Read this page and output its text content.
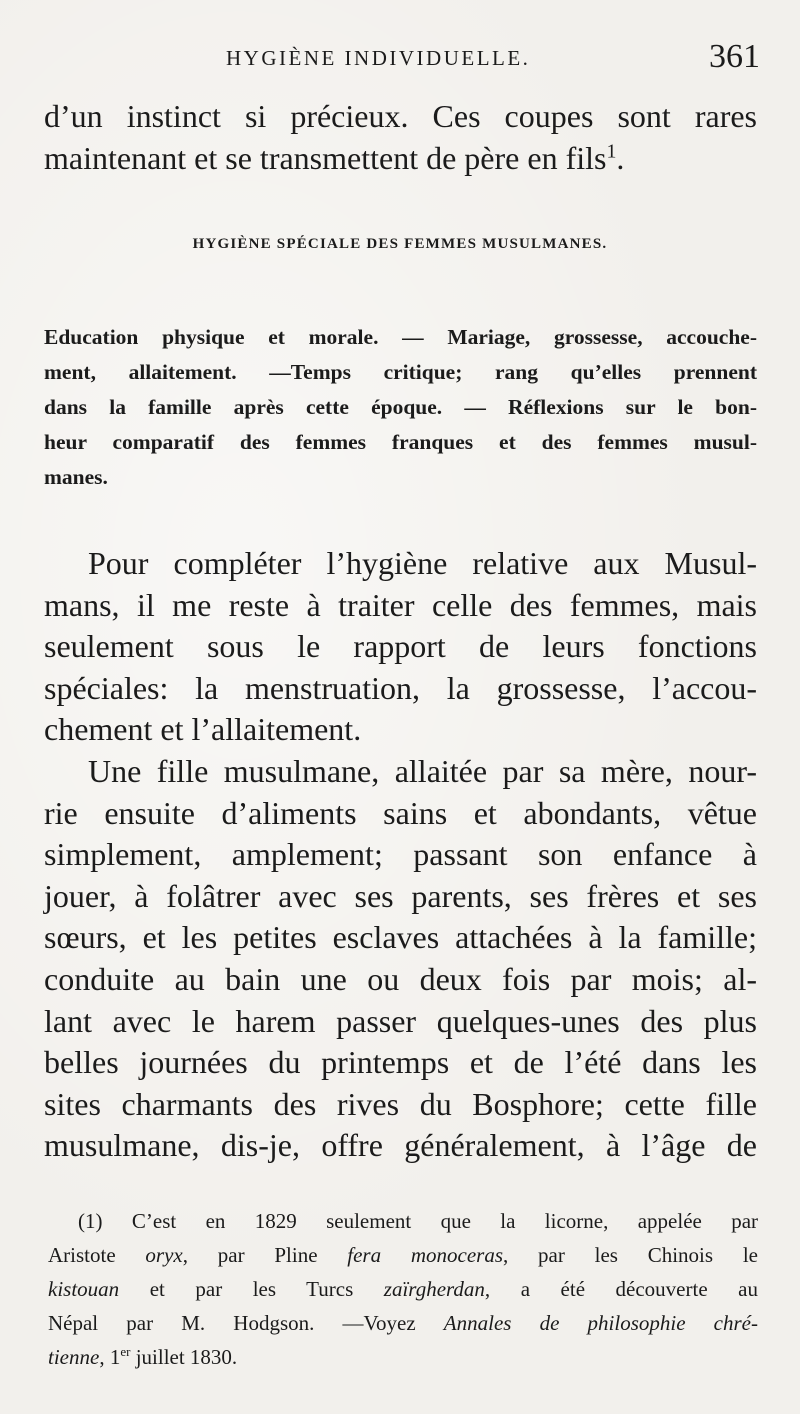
HYGIÈNE INDIVIDUELLE.	361
d’un instinct si précieux. Ces coupes sont rares
maintenant et se transmettent de père en fils$^1$.
HYGIÈNE SPÉCIALE DES FEMMES MUSULMANES.
Education physique et morale. — Mariage, grossesse, accouche-
ment, allaitement. —Temps critique; rang qu’elles prennent
dans la famille après cette époque. — Réflexions sur le bon-
heur comparatif des femmes franques et des femmes musul-
manes.
Pour compléter l’hygiène relative aux Musul-
mans, il me reste à traiter celle des femmes, mais
seulement sous le rapport de leurs fonctions
spéciales: la menstruation, la grossesse, l’accou-
chement et l’allaitement.
Une fille musulmane, allaitée par sa mère, nour-
rie ensuite d’aliments sains et abondants, vêtue
simplement, amplement; passant son enfance à
jouer, à folâtrer avec ses parents, ses frères et ses
sœurs, et les petites esclaves attachées à la famille;
conduite au bain une ou deux fois par mois; al-
lant avec le harem passer quelques-unes des plus
belles journées du printemps et de l’été dans les
sites charmants des rives du Bosphore; cette fille
musulmane, dis-je, offre généralement, à l’âge de
(1) C’est en 1829 seulement que la licorne, appelée par
Aristote oryx, par Pline fera monoceras, par les Chinois le
kistouan et par les Turcs zaïrgherdan, a été découverte au
Népal par M. Hodgson. —Voyez Annales de philosophie chré-
tienne, 1er juillet 1830.
